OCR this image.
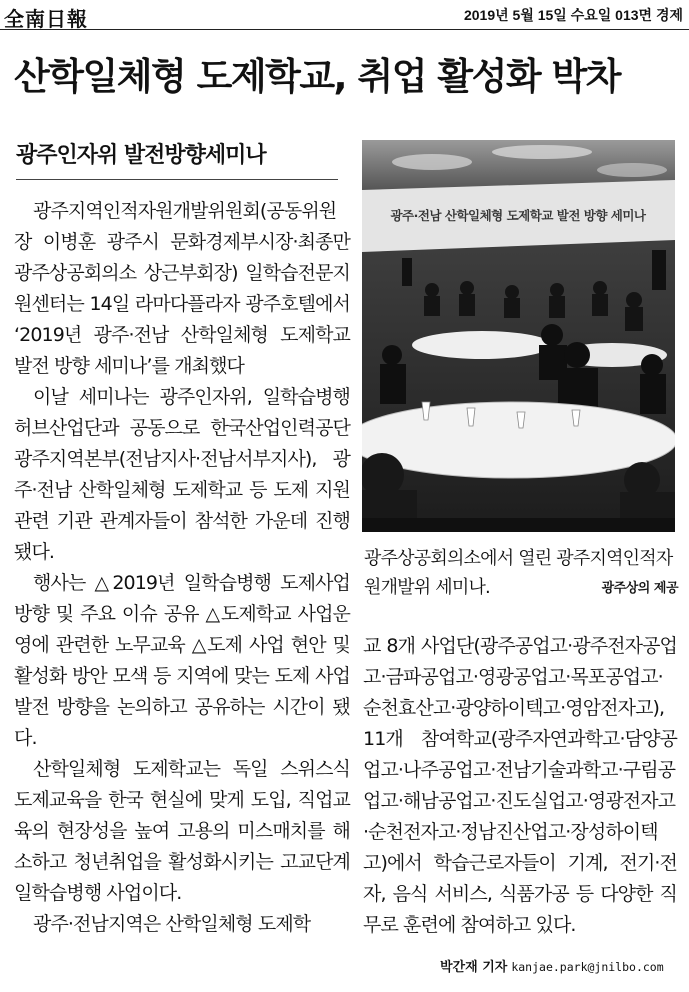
全南日報	2019년 5월 15일 수요일 013면 경제
산학일체형 도제학교, 취업 활성화 박차
광주인자위 발전방향세미나

광주지역인적자원개발위원회(공동위원장 이병훈 광주시 문화경제부시장·최종만 광주상공회의소 상근부회장) 일학습전문지원센터는 14일 라마다플라자 광주호텔에서 ‘2019년 광주·전남 산학일체형 도제학교 발전 방향 세미나’를 개최했다

이날 세미나는 광주인자위, 일학습병행 허브산업단과 공동으로 한국산업인력공단광주지역본부(전남지사·전남서부지사), 광주·전남 산학일체형 도제학교 등 도제 지원 관련 기관 관계자들이 참석한 가운데 진행됐다.

행사는 △2019년 일학습병행 도제사업 방향 및 주요 이슈 공유 △도제학교 사업운영에 관련한 노무교육 △도제 사업 현안 및 활성화 방안 모색 등 지역에 맞는 도제 사업 발전 방향을 논의하고 공유하는 시간이 됐다.

산학일체형 도제학교는 독일 스위스식 도제교육을 한국 현실에 맞게 도입, 직업교육의 현장성을 높여 고용의 미스매치를 해소하고 청년취업을 활성화시키는 고교단계 일학습병행 사업이다.

광주·전남지역은 산학일체형 도제학

광주·전남 산학일체형 도제학교 발전 방향 세미나
광주상공회의소에서 열린 광주지역인적자원개발위 세미나.	광주상의 제공
교 8개 사업단(광주공업고·광주전자공업고·금파공업고·영광공업고·목포공업고·순천효산고·광양하이텍고·영암전자고), 11개 참여학교(광주자연과학고·담양공업고·나주공업고·전남기술과학고·구림공업고·해남공업고·진도실업고·영광전자고·순천전자고·정남진산업고·장성하이텍고)에서 학습근로자들이 기계, 전기·전자, 음식 서비스, 식품가공 등 다양한 직무로 훈련에 참여하고 있다.
박간재 기자 kanjae.park@jnilbo.com
